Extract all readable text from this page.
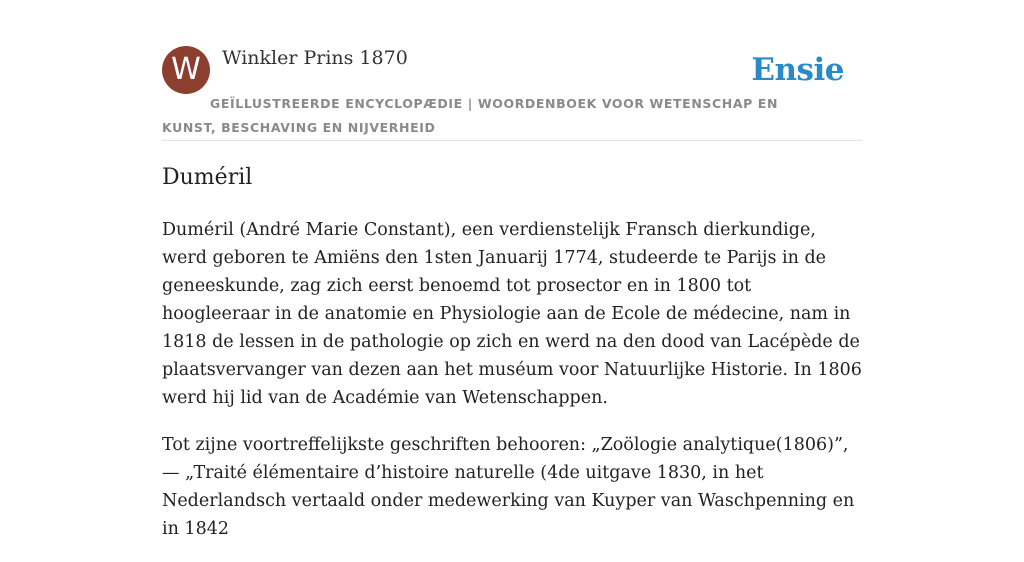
W	Winkler Prins 1870	Ensie
GEÏLLUSTREERDE ENCYCLOPÆDIE | WOORDENBOEK VOOR WETENSCHAP EN KUNST, BESCHAVING EN NIJVERHEID
Duméril

Duméril (André Marie Constant), een verdienstelijk Fransch dierkundige, werd geboren te Amiëns den 1sten Januarij 1774, studeerde te Parijs in de geneeskunde, zag zich eerst benoemd tot prosector en in 1800 tot hoogleeraar in de anatomie en Physiologie aan de Ecole de médecine, nam in 1818 de lessen in de pathologie op zich en werd na den dood van Lacépède de plaatsvervanger van dezen aan het muséum voor Natuurlijke Historie. In 1806 werd hij lid van de Académie van Wetenschappen.

Tot zijne voortreffelijkste geschriften behooren: „Zoölogie analytique(1806)”, — „Traité élémentaire d’histoire naturelle (4de uitgave 1830, in het Nederlandsch vertaald onder medewerking van Kuyper van Waschpenning en in 1842
